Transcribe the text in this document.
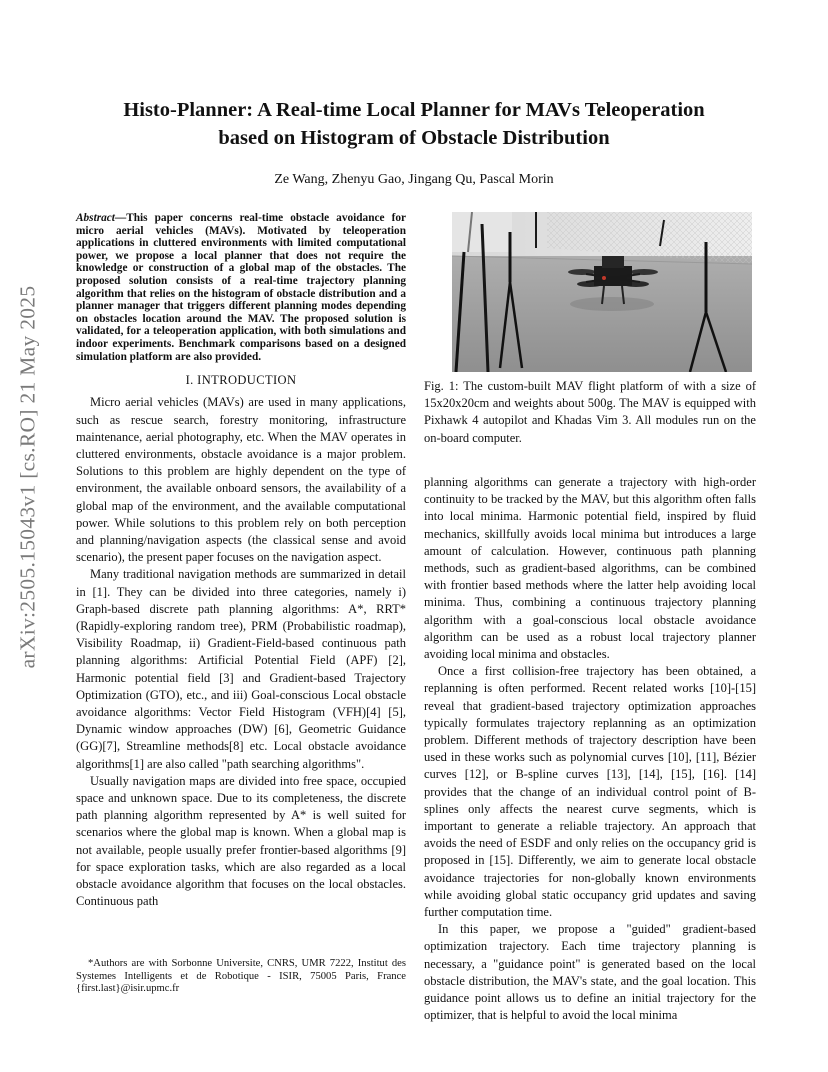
arXiv:2505.15043v1 [cs.RO] 21 May 2025
Histo-Planner: A Real-time Local Planner for MAVs Teleoperation
based on Histogram of Obstacle Distribution
Ze Wang, Zhenyu Gao, Jingang Qu, Pascal Morin
Abstract—This paper concerns real-time obstacle avoidance for micro aerial vehicles (MAVs). Motivated by teleoperation applications in cluttered environments with limited computational power, we propose a local planner that does not require the knowledge or construction of a global map of the obstacles. The proposed solution consists of a real-time trajectory planning algorithm that relies on the histogram of obstacle distribution and a planner manager that triggers different planning modes depending on obstacles location around the MAV. The proposed solution is validated, for a teleoperation application, with both simulations and indoor experiments. Benchmark comparisons based on a designed simulation platform are also provided.
I. INTRODUCTION

Micro aerial vehicles (MAVs) are used in many applications, such as rescue search, forestry monitoring, infrastructure maintenance, aerial photography, etc. When the MAV operates in cluttered environments, obstacle avoidance is a major problem. Solutions to this problem are highly dependent on the type of environment, the available onboard sensors, the availability of a global map of the environment, and the available computational power. While solutions to this problem rely on both perception and planning/navigation aspects (the classical sense and avoid scenario), the present paper focuses on the navigation aspect.

Many traditional navigation methods are summarized in detail in [1]. They can be divided into three categories, namely i) Graph-based discrete path planning algorithms: A*, RRT* (Rapidly-exploring random tree), PRM (Probabilistic roadmap), Visibility Roadmap, ii) Gradient-Field-based continuous path planning algorithms: Artificial Potential Field (APF) [2], Harmonic potential field [3] and Gradient-based Trajectory Optimization (GTO), etc., and iii) Goal-conscious Local obstacle avoidance algorithms: Vector Field Histogram (VFH)[4] [5], Dynamic window approaches (DW) [6], Geometric Guidance (GG)[7], Streamline methods[8] etc. Local obstacle avoidance algorithms[1] are also called "path searching algorithms".

Usually navigation maps are divided into free space, occupied space and unknown space. Due to its completeness, the discrete path planning algorithm represented by A* is well suited for scenarios where the global map is known. When a global map is not available, people usually prefer frontier-based algorithms [9] for space exploration tasks, which are also regarded as a local obstacle avoidance algorithm that focuses on the local obstacles. Continuous path

*Authors are with Sorbonne Universite, CNRS, UMR 7222, Institut des Systemes Intelligents et de Robotique - ISIR, 75005 Paris, France {first.last}@isir.upmc.fr
Fig. 1: The custom-built MAV flight platform of with a size of 15x20x20cm and weights about 500g. The MAV is equipped with Pixhawk 4 autopilot and Khadas Vim 3. All modules run on the on-board computer.

planning algorithms can generate a trajectory with high-order continuity to be tracked by the MAV, but this algorithm often falls into local minima. Harmonic potential field, inspired by fluid mechanics, skillfully avoids local minima but introduces a large amount of calculation. However, continuous path planning methods, such as gradient-based algorithms, can be combined with frontier based methods where the latter help avoiding local minima. Thus, combining a continuous trajectory planning algorithm with a goal-conscious local obstacle avoidance algorithm can be used as a robust local trajectory planner avoiding local minima and obstacles.

Once a first collision-free trajectory has been obtained, a replanning is often performed. Recent related works [10]-[15] reveal that gradient-based trajectory optimization approaches typically formulates trajectory replanning as an optimization problem. Different methods of trajectory description have been used in these works such as polynomial curves [10], [11], Bézier curves [12], or B-spline curves [13], [14], [15], [16]. [14] provides that the change of an individual control point of B-splines only affects the nearest curve segments, which is important to generate a reliable trajectory. An approach that avoids the need of ESDF and only relies on the occupancy grid is proposed in [15]. Differently, we aim to generate local obstacle avoidance trajectories for non-globally known environments while avoiding global static occupancy grid updates and saving further computation time.

In this paper, we propose a "guided" gradient-based optimization trajectory. Each time trajectory planning is necessary, a "guidance point" is generated based on the local obstacle distribution, the MAV's state, and the goal location. This guidance point allows us to define an initial trajectory for the optimizer, that is helpful to avoid the local minima
